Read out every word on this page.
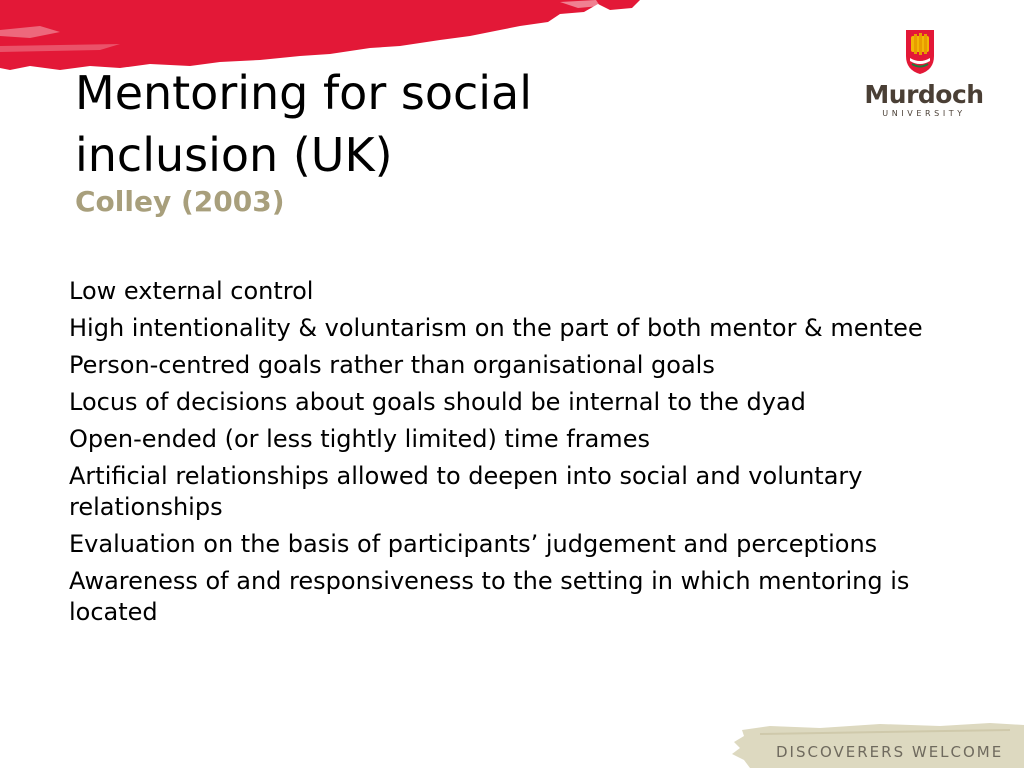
Murdoch
UNIVERSITY
Mentoring for social inclusion (UK)
Colley (2003)
Low external control
High intentionality & voluntarism on the part of both mentor & mentee
Person-centred goals rather than organisational goals
Locus of decisions about goals should be internal to the dyad
Open-ended (or less tightly limited) time frames
Artificial relationships allowed to deepen into social and voluntary relationships
Evaluation on the basis of participants’ judgement and perceptions
Awareness of and responsiveness to the setting in which mentoring is located
DISCOVERERS WELCOME
